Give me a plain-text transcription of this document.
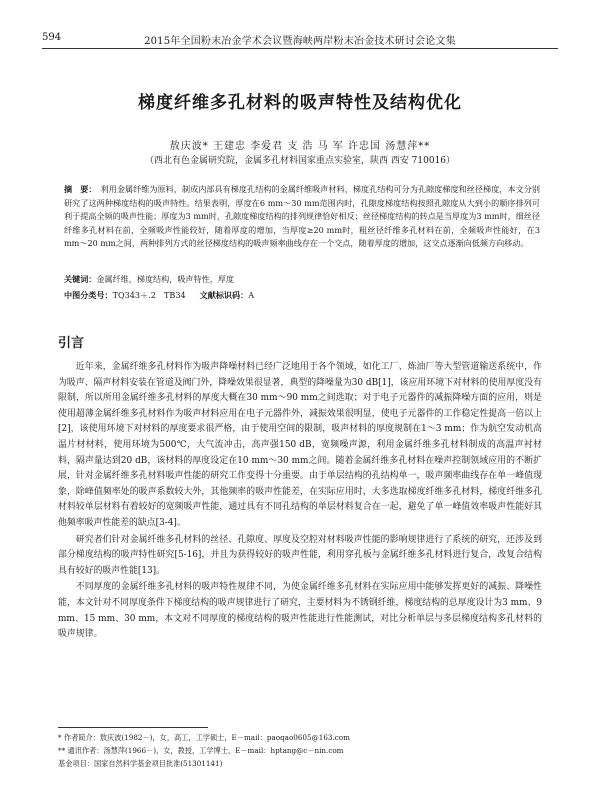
594	2015年全国粉末冶金学术会议暨海峡两岸粉末冶金技术研讨会论文集
梯度纤维多孔材料的吸声特性及结构优化
敖庆波* 王建忠 李爱君 支 浩 马 军 许忠国 汤慧萍**
（西北有色金属研究院，金属多孔材料国家重点实验室，陕西 西安 710016）
摘　要： 利用金属纤维为原料，制成内部具有梯度孔结构的金属纤维吸声材料，梯度孔结构可分为孔隙度梯度和丝径梯度，本文分别研究了这两种梯度结构的吸声特性。结果表明，厚度在6 mm～30 mm范围内时，孔隙度梯度结构按照孔隙度从大到小的顺序排列可利于提高全频的吸声性能；厚度为3 mm时，孔隙度梯度结构的排列规律恰好相反；丝径梯度结构的转点是当厚度为3 mm时，细丝径纤维多孔材料在前，全频吸声性能较好，随着厚度的增加，当厚度≥20 mm时，粗丝径纤维多孔材料在前，全频吸声性能好，在3 mm～20 mm之间，两种排列方式的丝径梯度结构的吸声频率曲线存在一个交点，随着厚度的增加，这交点逐渐向低频方向移动。
关键词：金属纤维，梯度结构，吸声特性，厚度
中图分类号：TQ343＋.2　TB34 文献标识码：A
引言

近年来，金属纤维多孔材料作为吸声降噪材料已经广泛地用于各个领域，如化工厂、炼油厂等大型管道输送系统中，作为吸声、隔声材料安装在管道及阀门外，降噪效果很显著，典型的降噪量为30 dB[1]，该应用环境下对材料的使用厚度没有限制，所以所用金属纤维多孔材料的厚度大概在30 mm～90 mm之间选取；对于电子元器件的减振降噪方面的应用，则是使用超薄金属纤维多孔材料作为吸声材料应用在电子元器件外，减振效果很明显，使电子元器件的工作稳定性提高一倍以上[2]，该使用环境下对材料的厚度要求很严格，由于使用空间的限制，吸声材料的厚度规制在1～3 mm；作为航空发动机高温片材材料，使用环境为500℃，大气流冲击，高声强150 dB，宽频噪声源，利用金属纤维多孔材料制成的高温声衬材料，隔声量达到20 dB，该材料的厚度设定在10 mm～30 mm之间。随着金属纤维多孔材料在噪声控制领域应用的不断扩展，针对金属纤维多孔材料吸声性能的研究工作变得十分重要。由于单层结构的孔结构单一，吸声频率曲线存在单一峰值现象，除峰值频率处的吸声系数较大外，其他频率的吸声性能差，在实际应用时，大多选取梯度纤维多孔材料，梯度纤维多孔材料较单层材料有着较好的宽频吸声性能，通过具有不同孔结构的单层材料复合在一起，避免了单一峰值效率吸声性能好其他频率吸声性能差的缺点[3-4]。

研究者们针对金属纤维多孔材料的丝径、孔隙度、厚度及空腔对材料吸声性能的影响规律进行了系统的研究，还涉及到部分梯度结构的吸声特性研究[5-16]，并且为获得较好的吸声性能，利用穿孔板与金属纤维多孔材料进行复合，改复合结构具有较好的吸声性能[13]。

不同厚度的金属纤维多孔材料的吸声特性规律不同，为使金属纤维多孔材料在实际应用中能够发挥更好的减振、降噪性能，本文针对不同厚度条件下梯度结构的吸声规律进行了研究，主要材料为不锈钢纤维，梯度结构的总厚度设计为3 mm、9 mm、15 mm、30 mm，本文对不同厚度的梯度结构的吸声性能进行性能测试，对比分析单层与多层梯度结构多孔材料的吸声规律。

* 作者简介：敖庆波(1982－)，女，高工，工学硕士，E－mail：paoqao0605@163.com
** 通讯作者：汤慧萍(1966－)，女，教授，工学博士，E－mail：hptang@c－nin.com
基金项目：国家自然科学基金项目批准(51301141)
